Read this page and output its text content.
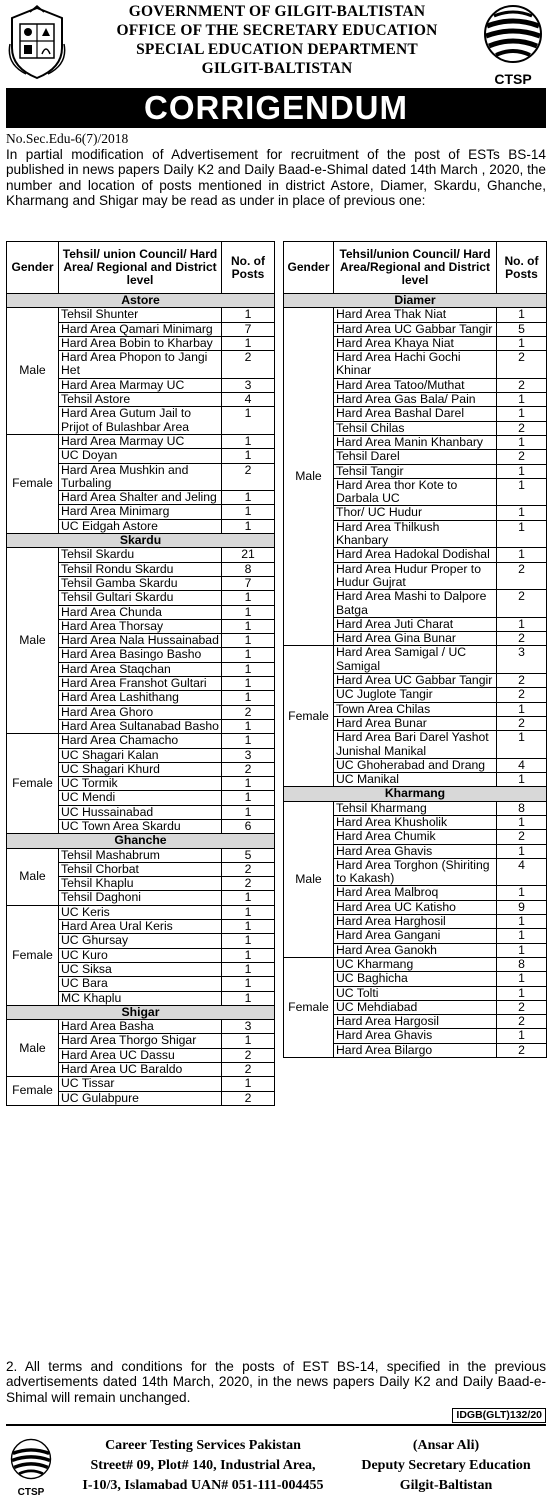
GOVERNMENT OF GILGIT-BALTISTAN
OFFICE OF THE SECRETARY EDUCATION
SPECIAL EDUCATION DEPARTMENT
GILGIT-BALTISTAN
CTSP
CORRIGENDUM
No.Sec.Edu-6(7)/2018
In partial modification of Advertisement for recruitment of the post of ESTs BS-14 published in news papers Daily K2 and Daily Baad-e-Shimal dated 14th March , 2020, the number and location of posts mentioned in district Astore, Diamer, Skardu, Ghanche, Kharmang and Shigar may be read as under in place of previous one:
Gender	Tehsil/ union Council/ Hard Area/ Regional and District level	No. of Posts
Astore		
Male	Tehsil Shunter	1
	Hard Area Qamari Minimarg	7
	Hard Area Bobin to Kharbay	1
	Hard Area Phopon to Jangi Het	2
	Hard Area Marmay UC	3
	Tehsil Astore	4
	Hard Area Gutum Jail to Prijot of Bulashbar Area	1
Female	Hard Area Marmay UC	1
	UC Doyan	1
	Hard Area Mushkin and Turbaling	2
	Hard Area Shalter and Jeling	1
	Hard Area Minimarg	1
	UC Eidgah Astore	1
Skardu		
Male	Tehsil Skardu	21
	Tehsil Rondu Skardu	8
	Tehsil Gamba Skardu	7
	Tehsil Gultari Skardu	1
	Hard Area Chunda	1
	Hard Area Thorsay	1
	Hard Area Nala Hussainabad	1
	Hard Area Basingo Basho	1
	Hard Area Staqchan	1
	Hard Area Franshot Gultari	1
	Hard Area Lashithang	1
	Hard Area Ghoro	2
	Hard Area Sultanabad Basho	1
Female	Hard Area Chamacho	1
	UC Shagari Kalan	3
	UC Shagari Khurd	2
	UC Tormik	1
	UC Mendi	1
	UC Hussainabad	1
	UC Town Area Skardu	6
Ghanche		
Male	Tehsil Mashabrum	5
	Tehsil Chorbat	2
	Tehsil Khaplu	2
	Tehsil Daghoni	1
Female	UC Keris	1
	Hard Area Ural Keris	1
	UC Ghursay	1
	UC Kuro	1
	UC Siksa	1
	UC Bara	1
	MC Khaplu	1
Shigar		
Male	Hard Area Basha	3
	Hard Area Thorgo Shigar	1
	Hard Area UC Dassu	2
	Hard Area UC Baraldo	2
Female	UC Tissar	1
	UC Gulabpure	2
Gender	Tehsil/union Council/ Hard Area/Regional and District level	No. of Posts
Diamer		
Male	Hard Area Thak Niat	1
	Hard Area UC Gabbar Tangir	5
	Hard Area Khaya Niat	1
	Hard Area Hachi Gochi Khinar	2
	Hard Area Tatoo/Muthat	2
	Hard Area Gas Bala/ Pain	1
	Hard Area Bashal Darel	1
	Tehsil Chilas	2
	Hard Area Manin Khanbary	1
	Tehsil Darel	2
	Tehsil Tangir	1
	Hard Area thor Kote to Darbala UC	1
	Thor/ UC Hudur	1
	Hard Area Thilkush Khanbary	1
	Hard Area Hadokal Dodishal	1
	Hard Area Hudur Proper to Hudur Gujrat	2
	Hard Area Mashi to Dalpore Batga	2
	Hard Area Juti Charat	1
	Hard Area Gina Bunar	2
Female	Hard Area Samigal / UC Samigal	3
	Hard Area UC Gabbar Tangir	2
	UC Juglote Tangir	2
	Town Area Chilas	1
	Hard Area Bunar	2
	Hard Area Bari Darel Yashot Junishal Manikal	1
	UC Ghoherabad and Drang	4
	UC Manikal	1
Kharmang		
Male	Tehsil Kharmang	8
	Hard Area Khusholik	1
	Hard Area Chumik	2
	Hard Area Ghavis	1
	Hard Area Torghon (Shiriting to Kakash)	4
	Hard Area Malbroq	1
	Hard Area UC Katisho	9
	Hard Area Harghosil	1
	Hard Area Gangani	1
	Hard Area Ganokh	1
Female	UC Kharmang	8
	UC Baghicha	1
	UC Tolti	1
	UC Mehdiabad	2
	Hard Area Hargosil	2
	Hard Area Ghavis	1
	Hard Area Bilargo	2
2. All terms and conditions for the posts of EST BS-14, specified in the previous advertisements dated 14th March, 2020, in the news papers Daily K2 and Daily Baad-e-Shimal will remain unchanged.
IDGB(GLT)132/20
CTSP
Career Testing Services Pakistan
Street# 09, Plot# 140, Industrial Area,
I-10/3, Islamabad UAN# 051-111-004455
(Ansar Ali)
Deputy Secretary Education
Gilgit-Baltistan
